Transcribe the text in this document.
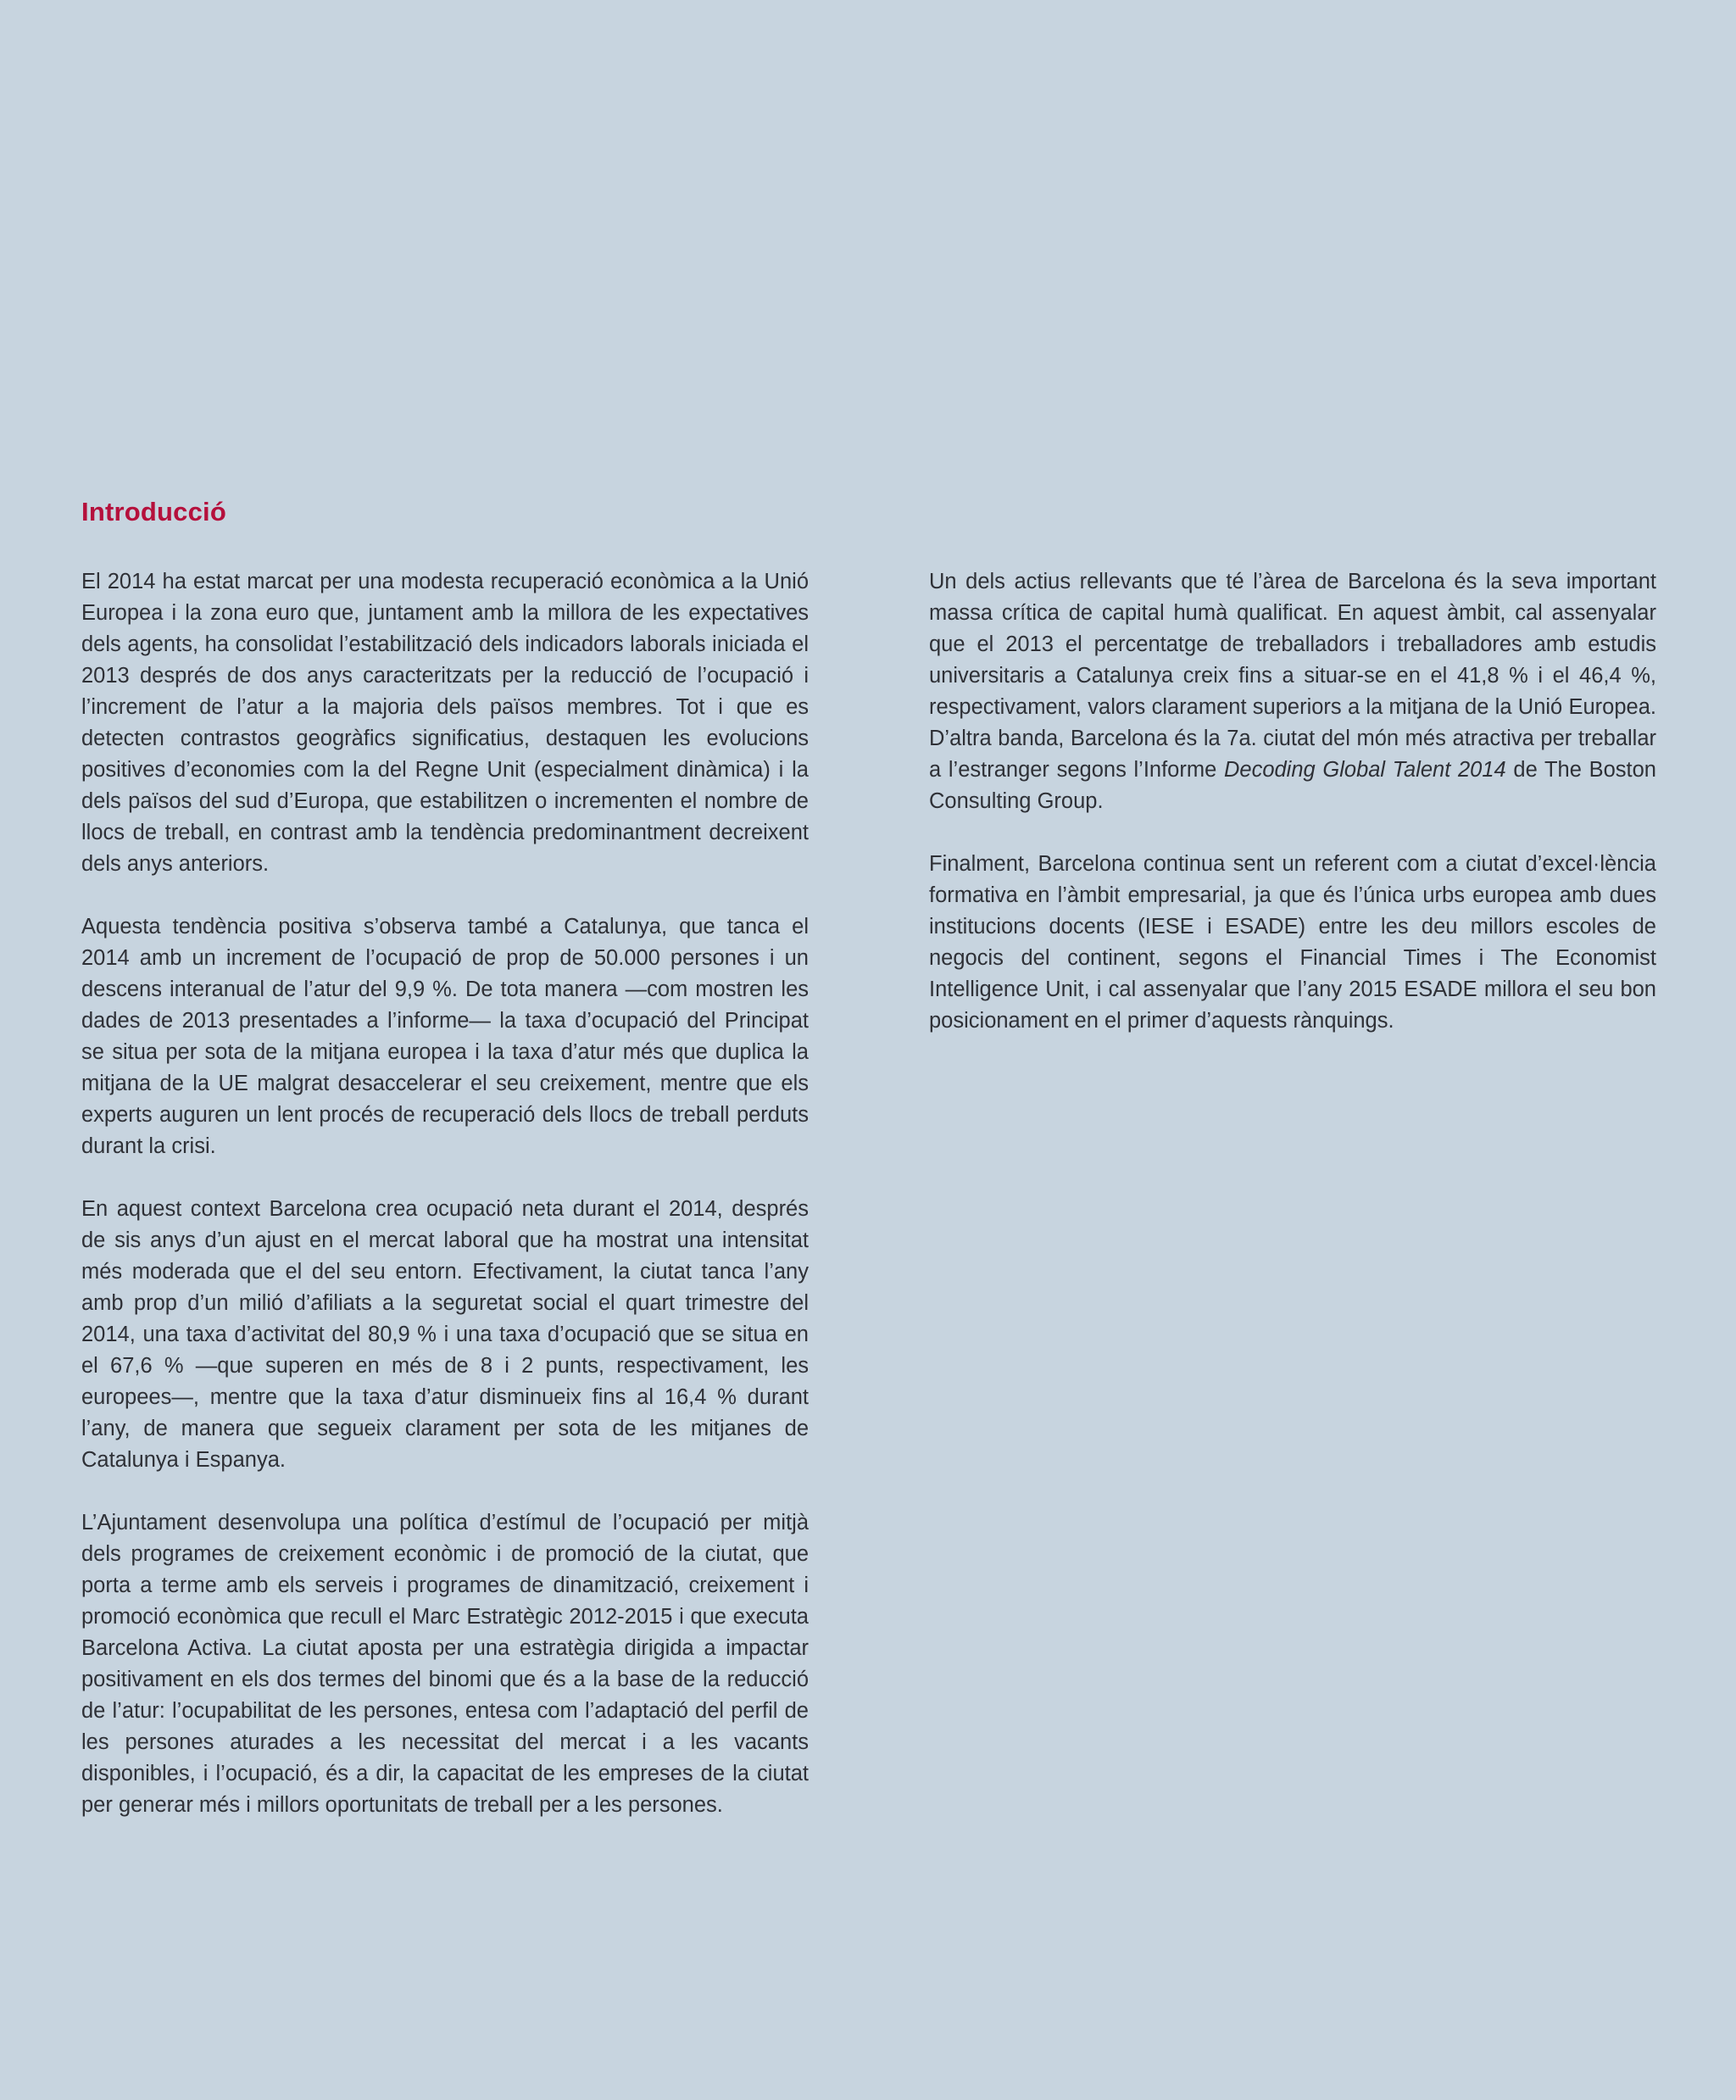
Introducció

El 2014 ha estat marcat per una modesta recuperació econòmica a la Unió Europea i la zona euro que, juntament amb la millora de les expectatives dels agents, ha consolidat l’estabilització dels indicadors laborals iniciada el 2013 després de dos anys caracteritzats per la reducció de l’ocupació i l’increment de l’atur a la majoria dels països membres. Tot i que es detecten contrastos geogràfics significatius, destaquen les evolucions positives d’economies com la del Regne Unit (especialment dinàmica) i la dels països del sud d’Europa, que estabilitzen o incrementen el nombre de llocs de treball, en contrast amb la tendència predominantment decreixent dels anys anteriors.

Aquesta tendència positiva s’observa també a Catalunya, que tanca el 2014 amb un increment de l’ocupació de prop de 50.000 persones i un descens interanual de l’atur del 9,9 %. De tota manera —com mostren les dades de 2013 presentades a l’informe— la taxa d’ocupació del Principat se situa per sota de la mitjana europea i la taxa d’atur més que duplica la mitjana de la UE malgrat desaccelerar el seu creixement, mentre que els experts auguren un lent procés de recuperació dels llocs de treball perduts durant la crisi.

En aquest context Barcelona crea ocupació neta durant el 2014, després de sis anys d’un ajust en el mercat laboral que ha mostrat una intensitat més moderada que el del seu entorn. Efectivament, la ciutat tanca l’any amb prop d’un milió d’afiliats a la seguretat social el quart trimestre del 2014, una taxa d’activitat del 80,9 % i una taxa d’ocupació que se situa en el 67,6 % —que superen en més de 8 i 2 punts, respectivament, les europees—, mentre que la taxa d’atur disminueix fins al 16,4 % durant l’any, de manera que segueix clarament per sota de les mitjanes de Catalunya i Espanya.

L’Ajuntament desenvolupa una política d’estímul de l’ocupació per mitjà dels programes de creixement econòmic i de promoció de la ciutat, que porta a terme amb els serveis i programes de dinamització, creixement i promoció econòmica que recull el Marc Estratègic 2012-2015 i que executa Barcelona Activa. La ciutat aposta per una estratègia dirigida a impactar positivament en els dos termes del binomi que és a la base de la reducció de l’atur: l’ocupabilitat de les persones, entesa com l’adaptació del perfil de les persones aturades a les necessitat del mercat i a les vacants disponibles, i l’ocupació, és a dir, la capacitat de les empreses de la ciutat per generar més i millors oportunitats de treball per a les persones.

Un dels actius rellevants que té l’àrea de Barcelona és la seva important massa crítica de capital humà qualificat. En aquest àmbit, cal assenyalar que el 2013 el percentatge de treballadors i treballadores amb estudis universitaris a Catalunya creix fins a situar-se en el 41,8 % i el 46,4 %, respectivament, valors clarament superiors a la mitjana de la Unió Europea. D’altra banda, Barcelona és la 7a. ciutat del món més atractiva per treballar a l’estranger segons l’Informe Decoding Global Talent 2014 de The Boston Consulting Group.

Finalment, Barcelona continua sent un referent com a ciutat d’excel·lència formativa en l’àmbit empresarial, ja que és l’única urbs europea amb dues institucions docents (IESE i ESADE) entre les deu millors escoles de negocis del continent, segons el Financial Times i The Economist Intelligence Unit, i cal assenyalar que l’any 2015 ESADE millora el seu bon posicionament en el primer d’aquests rànquings.
